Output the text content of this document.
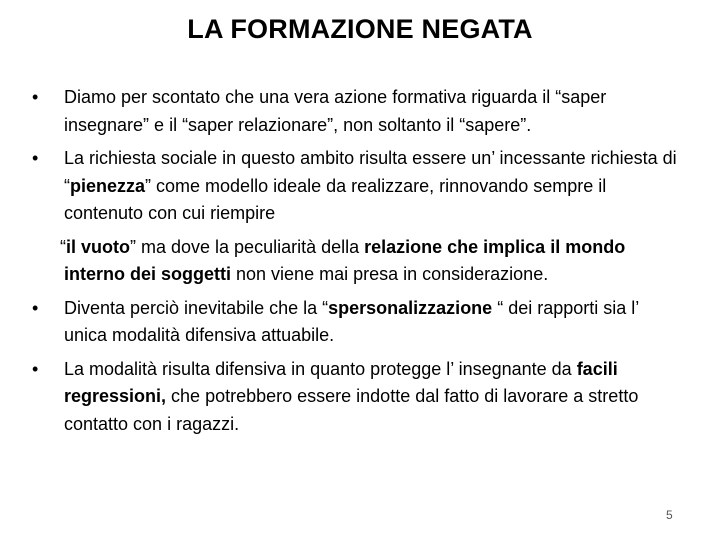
LA FORMAZIONE NEGATA
• Diamo per scontato che una vera azione formativa riguarda il “saper insegnare” e il “saper relazionare”, non soltanto il “sapere”.
• La richiesta sociale in questo ambito risulta essere un’ incessante richiesta di “pienezza” come modello ideale da realizzare, rinnovando sempre il contenuto con cui riempire
“il vuoto” ma dove la peculiarità della relazione che implica il mondo interno dei soggetti non viene mai presa in considerazione.
• Diventa perciò inevitabile che la “spersonalizzazione “ dei rapporti sia l’ unica modalità difensiva attuabile.
• La modalità risulta difensiva in quanto protegge l’ insegnante da facili regressioni, che potrebbero essere indotte dal fatto di lavorare a stretto contatto con i ragazzi.
5
